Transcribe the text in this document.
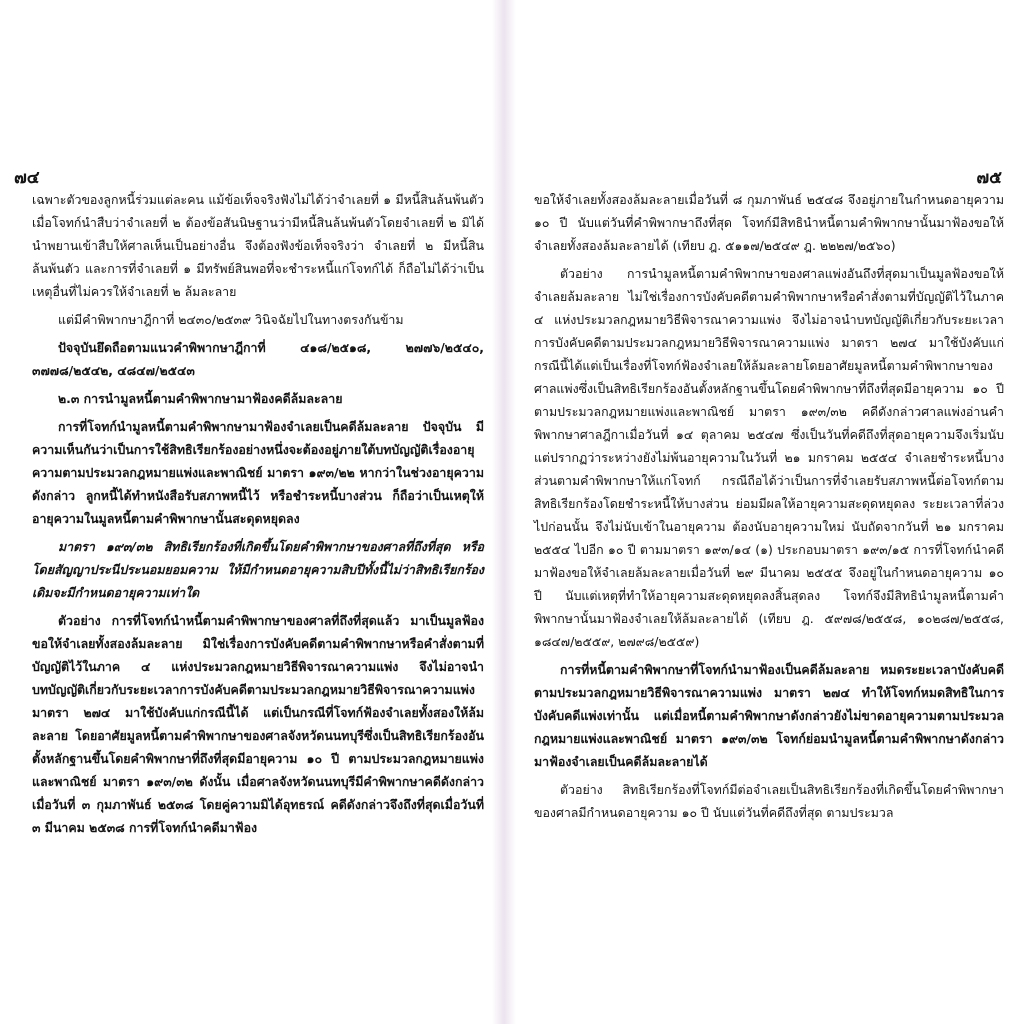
๗๔

เฉพาะตัวของลูกหนี้ร่วมแต่ละคน แม้ข้อเท็จจริงฟังไม่ได้ว่าจำเลยที่ ๑ มีหนี้สินล้นพ้นตัว เมื่อโจทก์นำสืบว่าจำเลยที่ ๒ ต้องข้อสันนิษฐานว่ามีหนี้สินล้นพ้นตัวโดยจำเลยที่ ๒ มิได้นำพยานเข้าสืบให้ศาลเห็นเป็นอย่างอื่น จึงต้องฟังข้อเท็จจริงว่า จำเลยที่ ๒ มีหนี้สินล้นพ้นตัว และการที่จำเลยที่ ๑ มีทรัพย์สินพอที่จะชำระหนี้แก่โจทก์ได้ ก็ถือไม่ได้ว่าเป็นเหตุอื่นที่ไม่ควรให้จำเลยที่ ๒ ล้มละลาย

แต่มีคำพิพากษาฎีกาที่ ๒๔๓๐/๒๕๓๙ วินิจฉัยไปในทางตรงกันข้าม

ปัจจุบันยึดถือตามแนวคำพิพากษาฎีกาที่ ๔๑๘/๒๕๑๘, ๒๗๗๖/๒๕๔๐, ๓๗๗๘/๒๕๔๒, ๔๘๔๗/๒๕๔๓

๒.๓ การนำมูลหนี้ตามคำพิพากษามาฟ้องคดีล้มละลาย

การที่โจทก์นำมูลหนี้ตามคำพิพากษามาฟ้องจำเลยเป็นคดีล้มละลาย ปัจจุบัน มีความเห็นกันว่าเป็นการใช้สิทธิเรียกร้องอย่างหนึ่งจะต้องอยู่ภายใต้บทบัญญัติเรื่องอายุความตามประมวลกฎหมายแพ่งและพาณิชย์ มาตรา ๑๙๓/๒๒ หากว่าในช่วงอายุความดังกล่าว ลูกหนี้ได้ทำหนังสือรับสภาพหนี้ไว้ หรือชำระหนี้บางส่วน ก็ถือว่าเป็นเหตุให้อายุความในมูลหนี้ตามคำพิพากษานั้นสะดุดหยุดลง

มาตรา ๑๙๓/๓๒ สิทธิเรียกร้องที่เกิดขึ้นโดยคำพิพากษาของศาลที่ถึงที่สุด หรือโดยสัญญาประนีประนอมยอมความ ให้มีกำหนดอายุความสิบปีทั้งนี้ไม่ว่าสิทธิเรียกร้องเดิมจะมีกำหนดอายุความเท่าใด

ตัวอย่าง การที่โจทก์นำหนี้ตามคำพิพากษาของศาลที่ถึงที่สุดแล้ว มาเป็นมูลฟ้องขอให้จำเลยทั้งสองล้มละลาย มิใช่เรื่องการบังคับคดีตามคำพิพากษาหรือคำสั่งตามที่บัญญัติไว้ในภาค ๔ แห่งประมวลกฎหมายวิธีพิจารณาความแพ่ง จึงไม่อาจนำบทบัญญัติเกี่ยวกับระยะเวลาการบังคับคดีตามประมวลกฎหมายวิธีพิจารณาความแพ่ง มาตรา ๒๗๔ มาใช้บังคับแก่กรณีนี้ได้ แต่เป็นกรณีที่โจทก์ฟ้องจำเลยทั้งสองให้ล้มละลาย โดยอาศัยมูลหนี้ตามคำพิพากษาของศาลจังหวัดนนทบุรีซึ่งเป็นสิทธิเรียกร้องอันตั้งหลักฐานขึ้นโดยคำพิพากษาที่ถึงที่สุดมีอายุความ ๑๐ ปี ตามประมวลกฎหมายแพ่งและพาณิชย์ มาตรา ๑๙๓/๓๒ ดังนั้น เมื่อศาลจังหวัดนนทบุรีมีคำพิพากษาคดีดังกล่าว เมื่อวันที่ ๓ กุมภาพันธ์ ๒๕๓๘ โดยคู่ความมิได้อุทธรณ์ คดีดังกล่าวจึงถึงที่สุดเมื่อวันที่ ๓ มีนาคม ๒๕๓๘ การที่โจทก์นำคดีมาฟ้อง

๗๕

ขอให้จำเลยทั้งสองล้มละลายเมื่อวันที่ ๘ กุมภาพันธ์ ๒๕๔๘ จึงอยู่ภายในกำหนดอายุความ ๑๐ ปี นับแต่วันที่คำพิพากษาถึงที่สุด โจทก์มีสิทธินำหนี้ตามคำพิพากษานั้นมาฟ้องขอให้จำเลยทั้งสองล้มละลายได้ (เทียบ ฎ. ๕๑๑๗/๒๕๔๙ ฎ. ๒๒๒๗/๒๕๖๐)

ตัวอย่าง การนำมูลหนี้ตามคำพิพากษาของศาลแพ่งอันถึงที่สุดมาเป็นมูลฟ้องขอให้จำเลยล้มละลาย ไม่ใช่เรื่องการบังคับคดีตามคำพิพากษาหรือคำสั่งตามที่บัญญัติไว้ในภาค ๔ แห่งประมวลกฎหมายวิธีพิจารณาความแพ่ง จึงไม่อาจนำบทบัญญัติเกี่ยวกับระยะเวลาการบังคับคดีตามประมวลกฎหมายวิธีพิจารณาความแพ่ง มาตรา ๒๗๔ มาใช้บังคับแก่กรณีนี้ได้แต่เป็นเรื่องที่โจทก์ฟ้องจำเลยให้ล้มละลายโดยอาศัยมูลหนี้ตามคำพิพากษาของศาลแพ่งซึ่งเป็นสิทธิเรียกร้องอันตั้งหลักฐานขึ้นโดยคำพิพากษาที่ถึงที่สุดมีอายุความ ๑๐ ปี ตามประมวลกฎหมายแพ่งและพาณิชย์ มาตรา ๑๙๓/๓๒ คดีดังกล่าวศาลแพ่งอ่านคำพิพากษาศาลฎีกาเมื่อวันที่ ๑๔ ตุลาคม ๒๕๔๗ ซึ่งเป็นวันที่คดีถึงที่สุดอายุความจึงเริ่มนับแต่ปรากฏว่าระหว่างยังไม่พ้นอายุความในวันที่ ๒๑ มกราคม ๒๕๕๔ จำเลยชำระหนี้บางส่วนตามคำพิพากษาให้แก่โจทก์ กรณีถือได้ว่าเป็นการที่จำเลยรับสภาพหนี้ต่อโจทก์ตามสิทธิเรียกร้องโดยชำระหนี้ให้บางส่วน ย่อมมีผลให้อายุความสะดุดหยุดลง ระยะเวลาที่ล่วงไปก่อนนั้น จึงไม่นับเข้าในอายุความ ต้องนับอายุความใหม่ นับถัดจากวันที่ ๒๑ มกราคม ๒๕๕๔ ไปอีก ๑๐ ปี ตามมาตรา ๑๙๓/๑๔ (๑) ประกอบมาตรา ๑๙๓/๑๕ การที่โจทก์นำคดีมาฟ้องขอให้จำเลยล้มละลายเมื่อวันที่ ๒๙ มีนาคม ๒๕๕๕ จึงอยู่ในกำหนดอายุความ ๑๐ ปี นับแต่เหตุที่ทำให้อายุความสะดุดหยุดลงสิ้นสุดลง โจทก์จึงมีสิทธินำมูลหนี้ตามคำพิพากษานั้นมาฟ้องจำเลยให้ล้มละลายได้ (เทียบ ฎ. ๕๙๗๘/๒๕๕๘, ๑๐๒๘๗/๒๕๕๘, ๑๘๔๗/๒๕๕๙, ๒๗๙๘/๒๕๕๙)

การที่หนี้ตามคำพิพากษาที่โจทก์นำมาฟ้องเป็นคดีล้มละลาย หมดระยะเวลาบังคับคดีตามประมวลกฎหมายวิธีพิจารณาความแพ่ง มาตรา ๒๗๔ ทำให้โจทก์หมดสิทธิในการบังคับคดีแพ่งเท่านั้น แต่เมื่อหนี้ตามคำพิพากษาดังกล่าวยังไม่ขาดอายุความตามประมวลกฎหมายแพ่งและพาณิชย์ มาตรา ๑๙๓/๓๒ โจทก์ย่อมนำมูลหนี้ตามคำพิพากษาดังกล่าวมาฟ้องจำเลยเป็นคดีล้มละลายได้

ตัวอย่าง สิทธิเรียกร้องที่โจทก์มีต่อจำเลยเป็นสิทธิเรียกร้องที่เกิดขึ้นโดยคำพิพากษาของศาลมีกำหนดอายุความ ๑๐ ปี นับแต่วันที่คดีถึงที่สุด ตามประมวล
